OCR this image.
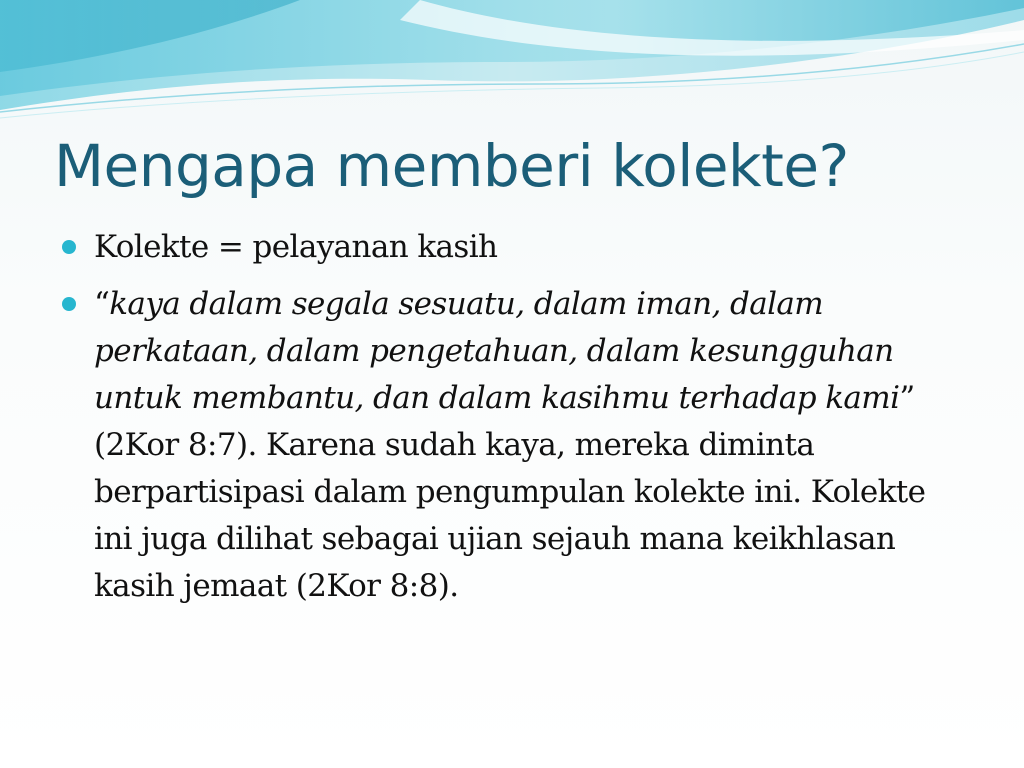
Mengapa memberi kolekte?
Kolekte = pelayanan kasih
“kaya dalam segala sesuatu, dalam iman, dalam perkataan, dalam pengetahuan, dalam kesungguhan untuk membantu, dan dalam kasihmu terhadap kami” (2Kor 8:7). Karena sudah kaya, mereka diminta berpartisipasi dalam pengumpulan kolekte ini. Kolekte ini juga dilihat sebagai ujian sejauh mana keikhlasan kasih jemaat (2Kor 8:8).
